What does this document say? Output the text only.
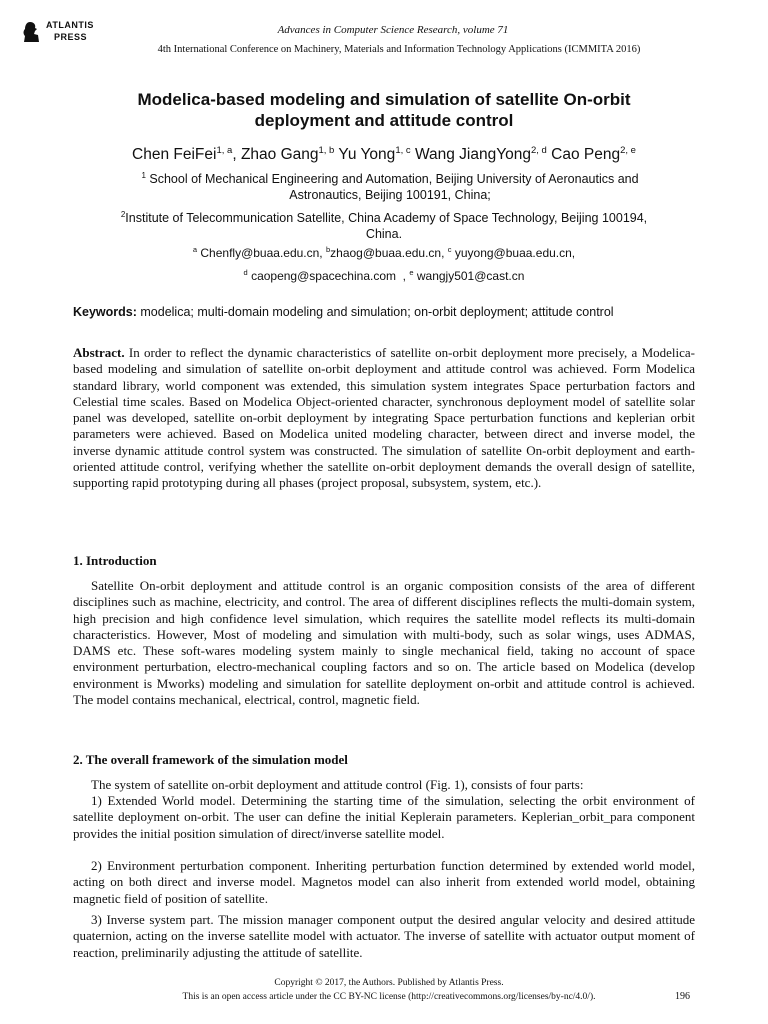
ATLANTIS
PRESS
Advances in Computer Science Research, volume 71
4th International Conference on Machinery, Materials and Information Technology Applications (ICMMITA 2016)
Modelica-based modeling and simulation of satellite On-orbit
deployment and attitude control
Chen FeiFei$^{1, a}$, Zhao Gang$^{1, b}$ Yu Yong$^{1, c}$ Wang JiangYong$^{2, d}$ Cao Peng$^{2, e}$
$^1$ School of Mechanical Engineering and Automation, Beijing University of Aeronautics and
Astronautics, Beijing 100191, China;
$^2$Institute of Telecommunication Satellite, China Academy of Space Technology, Beijing 100194,
China.
$^a$ Chenfly@buaa.edu.cn, $^b$zhaog@buaa.edu.cn, $^c$ yuyong@buaa.edu.cn,
$^d$ caopeng@spacechina.com  , $^e$ wangjy501@cast.cn
Keywords: modelica; multi-domain modeling and simulation; on-orbit deployment; attitude control

Abstract. In order to reflect the dynamic characteristics of satellite on-orbit deployment more precisely, a Modelica-based modeling and simulation of satellite on-orbit deployment and attitude control was achieved. Form Modelica standard library, world component was extended, this simulation system integrates Space perturbation factors and Celestial time scales. Based on Modelica Object-oriented character, synchronous deployment model of satellite solar panel was developed, satellite on-orbit deployment by integrating Space perturbation functions and keplerian orbit parameters were achieved. Based on Modelica united modeling character, between direct and inverse model, the inverse dynamic attitude control system was constructed. The simulation of satellite On-orbit deployment and earth-oriented attitude control, verifying whether the satellite on-orbit deployment demands the overall design of satellite, supporting rapid prototyping during all phases (project proposal, subsystem, system, etc.).

1. Introduction

Satellite On-orbit deployment and attitude control is an organic composition consists of the area of different disciplines such as machine, electricity, and control. The area of different disciplines reflects the multi-domain system, high precision and high confidence level simulation, which requires the satellite model reflects its multi-domain characteristics. However, Most of modeling and simulation with multi-body, such as solar wings, uses ADMAS, DAMS etc. These soft-wares modeling system mainly to single mechanical field, taking no account of space environment perturbation, electro-mechanical coupling factors and so on. The article based on Modelica (develop environment is Mworks) modeling and simulation for satellite deployment on-orbit and attitude control is achieved. The model contains mechanical, electrical, control, magnetic field.

2. The overall framework of the simulation model

The system of satellite on-orbit deployment and attitude control (Fig. 1), consists of four parts:

1) Extended World model. Determining the starting time of the simulation, selecting the orbit environment of satellite deployment on-orbit. The user can define the initial Keplerain parameters. Keplerian_orbit_para component provides the initial position simulation of direct/inverse satellite model.

2) Environment perturbation component. Inheriting perturbation function determined by extended world model, acting on both direct and inverse model. Magnetos model can also inherit from extended world model, obtaining magnetic field of position of satellite.

3) Inverse system part. The mission manager component output the desired angular velocity and desired attitude quaternion, acting on the inverse satellite model with actuator. The inverse of satellite with actuator output moment of reaction, preliminarily adjusting the attitude of satellite.

Copyright © 2017, the Authors. Published by Atlantis Press.
This is an open access article under the CC BY-NC license (http://creativecommons.org/licenses/by-nc/4.0/).	196
